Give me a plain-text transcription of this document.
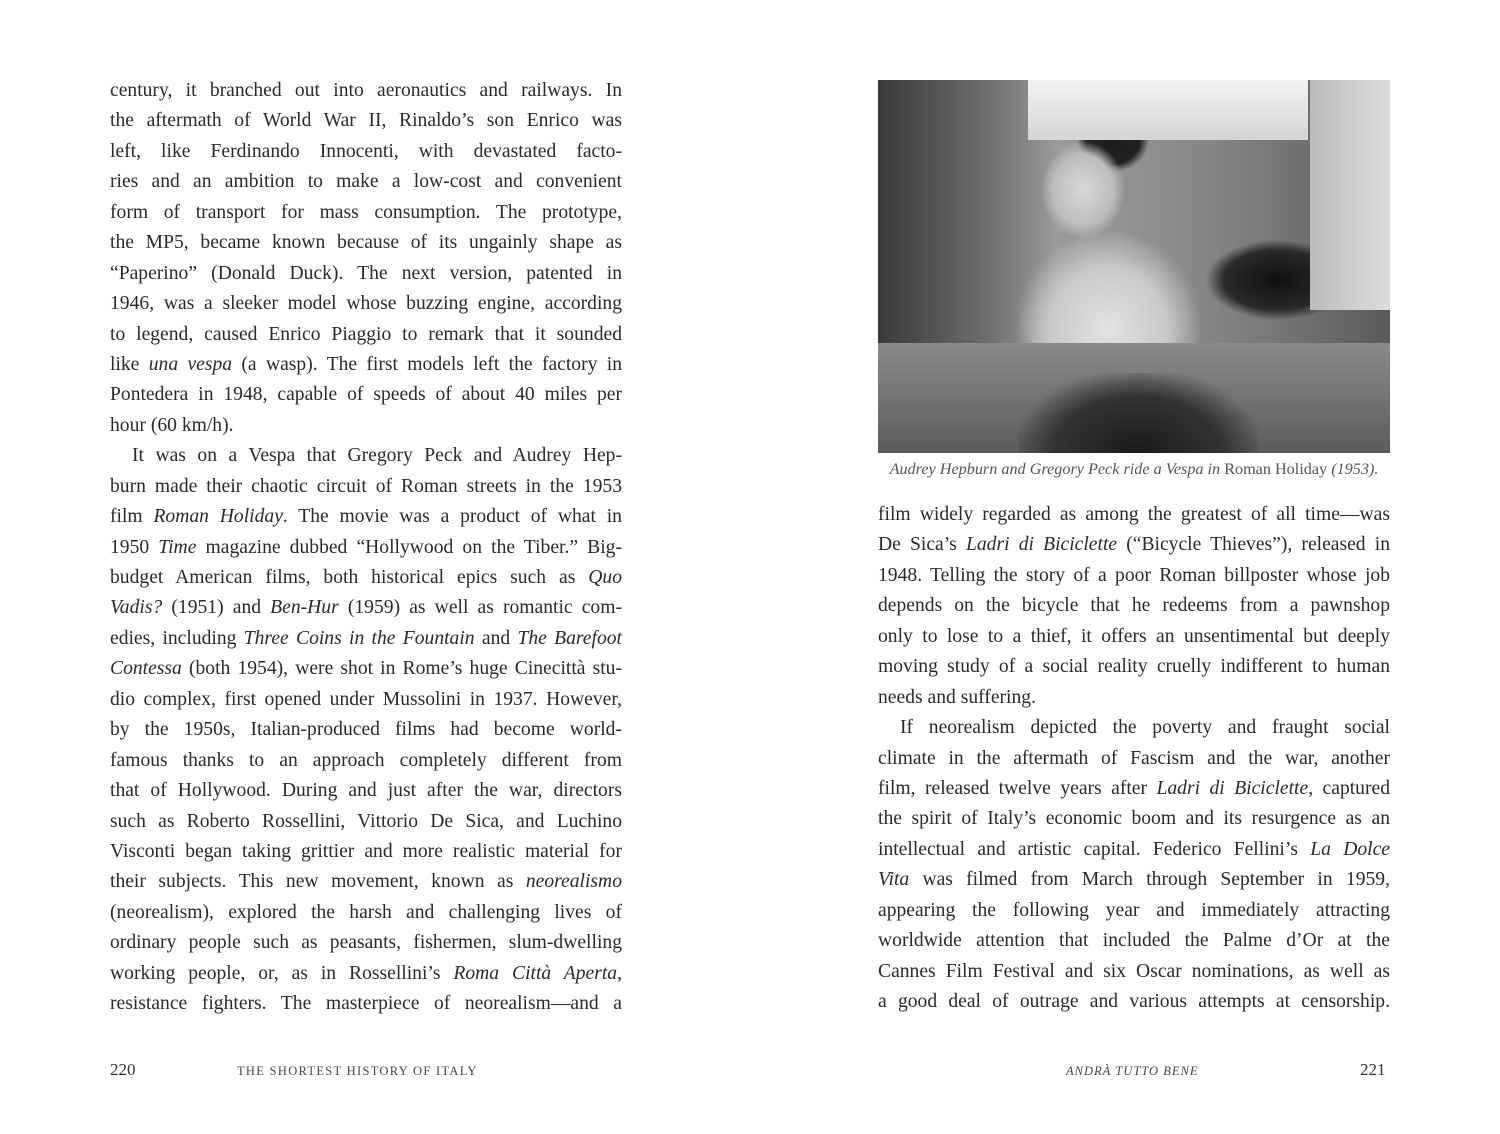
century, it branched out into aeronautics and railways. In
the aftermath of World War II, Rinaldo’s son Enrico was
left, like Ferdinando Innocenti, with devastated facto-
ries and an ambition to make a low-cost and convenient
form of transport for mass consumption. The prototype,
the MP5, became known because of its ungainly shape as
“Paperino” (Donald Duck). The next version, patented in
1946, was a sleeker model whose buzzing engine, according
to legend, caused Enrico Piaggio to remark that it sounded
like una vespa (a wasp). The first models left the factory in
Pontedera in 1948, capable of speeds of about 40 miles per
hour (60 km/h).
It was on a Vespa that Gregory Peck and Audrey Hep-
burn made their chaotic circuit of Roman streets in the 1953
film Roman Holiday. The movie was a product of what in
1950 Time magazine dubbed “Hollywood on the Tiber.” Big-
budget American films, both historical epics such as Quo
Vadis? (1951) and Ben-Hur (1959) as well as romantic com-
edies, including Three Coins in the Fountain and The Barefoot
Contessa (both 1954), were shot in Rome’s huge Cinecittà stu-
dio complex, first opened under Mussolini in 1937. However,
by the 1950s, Italian-produced films had become world-
famous thanks to an approach completely different from
that of Hollywood. During and just after the war, directors
such as Roberto Rossellini, Vittorio De Sica, and Luchino
Visconti began taking grittier and more realistic material for
their subjects. This new movement, known as neorealismo
(neorealism), explored the harsh and challenging lives of
ordinary people such as peasants, fishermen, slum-dwelling
working people, or, as in Rossellini’s Roma Città Aperta,
resistance fighters. The masterpiece of neorealism—and a
Audrey Hepburn and Gregory Peck ride a Vespa in Roman Holiday (1953).
film widely regarded as among the greatest of all time—was
De Sica’s Ladri di Biciclette (“Bicycle Thieves”), released in
1948. Telling the story of a poor Roman billposter whose job
depends on the bicycle that he redeems from a pawnshop
only to lose to a thief, it offers an unsentimental but deeply
moving study of a social reality cruelly indifferent to human
needs and suffering.
If neorealism depicted the poverty and fraught social
climate in the aftermath of Fascism and the war, another
film, released twelve years after Ladri di Biciclette, captured
the spirit of Italy’s economic boom and its resurgence as an
intellectual and artistic capital. Federico Fellini’s La Dolce
Vita was filmed from March through September in 1959,
appearing the following year and immediately attracting
worldwide attention that included the Palme d’Or at the
Cannes Film Festival and six Oscar nominations, as well as
a good deal of outrage and various attempts at censorship.
220	THE SHORTEST HISTORY OF ITALY	ANDRÀ TUTTO BENE	221
